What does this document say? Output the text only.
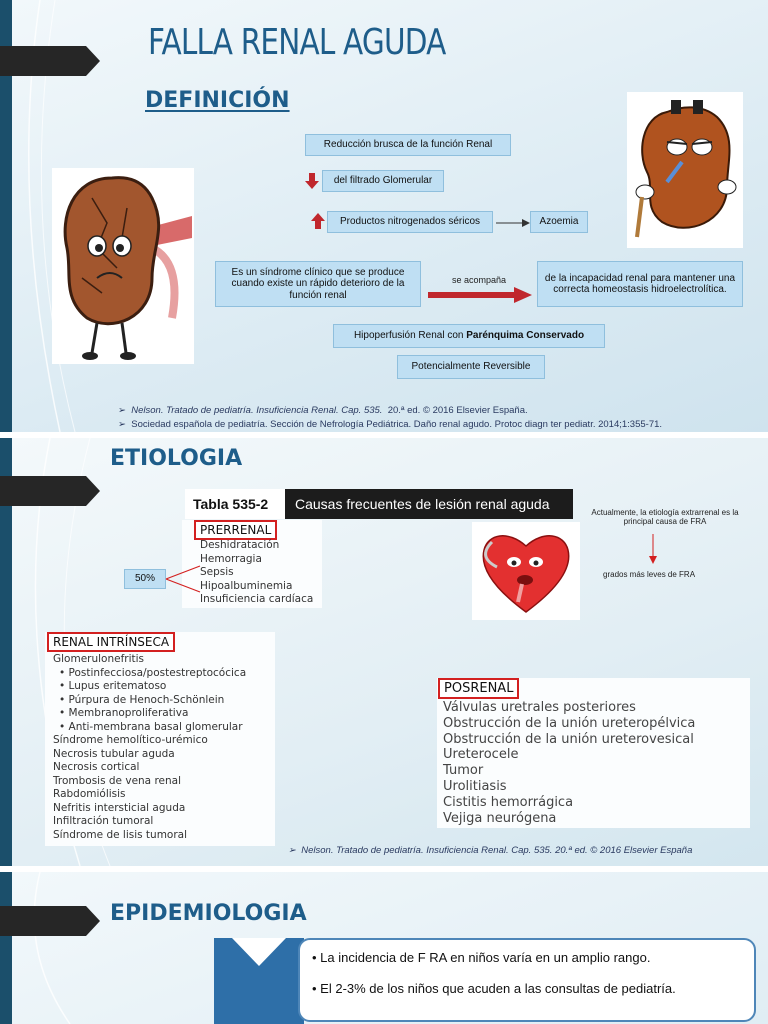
FALLA RENAL AGUDA
DEFINICIÓN
Reducción brusca de la función Renal
del filtrado Glomerular
Productos nitrogenados séricos	Azoemia
Es un síndrome clínico que se produce cuando existe un rápido deterioro de la función renal
se acompaña	de la incapacidad renal para mantener una correcta homeostasis hidroelectrolítica.
Hipoperfusión Renal con
Parénquima Conservado
Potencialmente Reversible
➢  Nelson. Tratado de pediatría. Insuficiencia Renal. Cap. 535. 20.ª ed. © 2016 Elsevier España.
➢  Sociedad española de pediatría. Sección de Nefrología Pediátrica. Daño renal agudo. Protoc diagn ter pediatr. 2014;1:355-71.
ETIOLOGIA
Tabla 535-2	Causas frecuentes de lesión renal aguda
PRERRENAL
Deshidratación
Hemorragia
Sepsis
Hipoalbuminemia
Insuficiencia cardíaca
50%
Actualmente, la etiología extrarrenal es la principal causa de FRA
grados más leves de FRA
RENAL INTRÍNSECA
Glomerulonefritis
• Postinfecciosa/postestreptocócica
• Lupus eritematoso
• Púrpura de Henoch-Schönlein
• Membranoproliferativa
• Anti-membrana basal glomerular
Síndrome hemolítico-urémico
Necrosis tubular aguda
Necrosis cortical
Trombosis de vena renal
Rabdomiólisis
Nefritis intersticial aguda
Infiltración tumoral
Síndrome de lisis tumoral
POSRENAL
Válvulas uretrales posteriores
Obstrucción de la unión ureteropélvica
Obstrucción de la unión ureterovesical
Ureterocele
Tumor
Urolitiasis
Cistitis hemorrágica
Vejiga neurógena
➢  Nelson. Tratado de pediatría. Insuficiencia Renal. Cap. 535. 20.ª ed. © 2016 Elsevier España
EPIDEMIOLOGIA
• La incidencia de F RA en niños varía en un amplio rango.
• El 2-3% de los niños que acuden a las consultas de pediatría.
